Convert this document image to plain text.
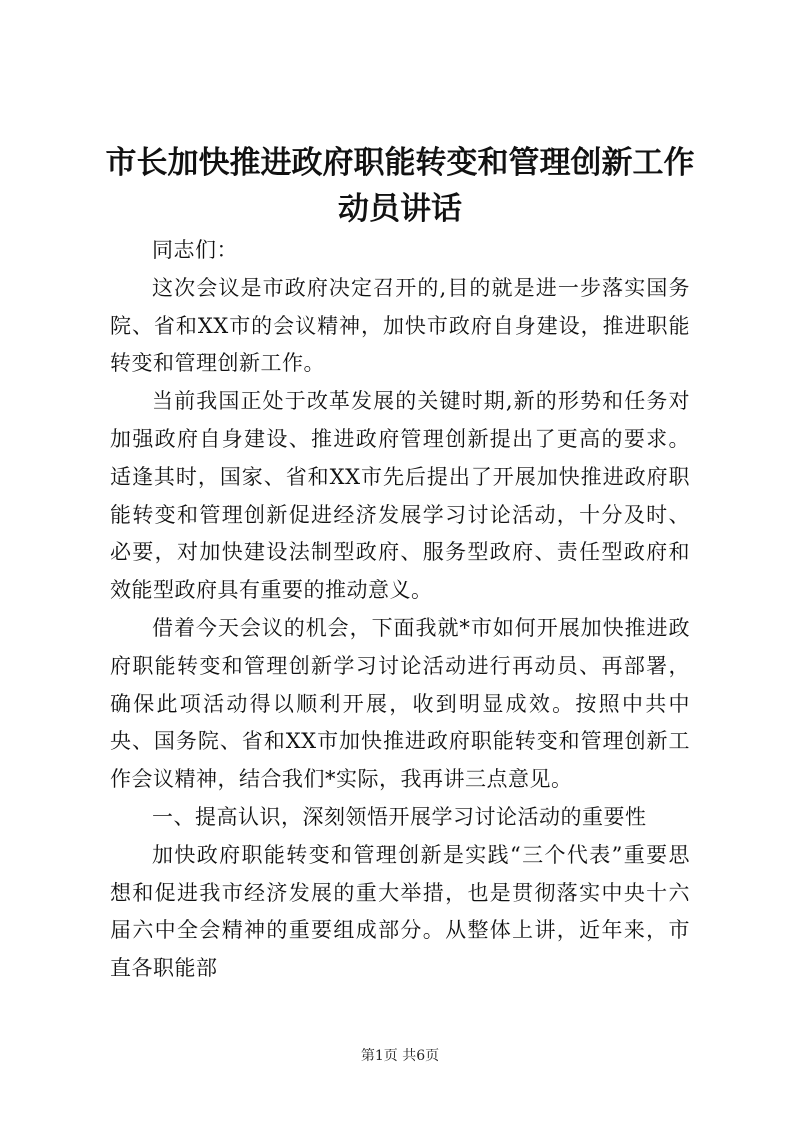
市长加快推进政府职能转变和管理创新工作动员讲话

同志们：

这次会议是市政府决定召开的,目的就是进一步落实国务院、省和XX市的会议精神，加快市政府自身建设，推进职能转变和管理创新工作。

当前我国正处于改革发展的关键时期,新的形势和任务对加强政府自身建设、推进政府管理创新提出了更高的要求。适逢其时，国家、省和XX市先后提出了开展加快推进政府职能转变和管理创新促进经济发展学习讨论活动，十分及时、必要，对加快建设法制型政府、服务型政府、责任型政府和效能型政府具有重要的推动意义。

借着今天会议的机会，下面我就*市如何开展加快推进政府职能转变和管理创新学习讨论活动进行再动员、再部署，确保此项活动得以顺利开展，收到明显成效。按照中共中央、国务院、省和XX市加快推进政府职能转变和管理创新工作会议精神，结合我们*实际，我再讲三点意见。

一、提高认识，深刻领悟开展学习讨论活动的重要性

加快政府职能转变和管理创新是实践“三个代表”重要思想和促进我市经济发展的重大举措，也是贯彻落实中央十六届六中全会精神的重要组成部分。从整体上讲，近年来，市直各职能部

第1页 共6页
